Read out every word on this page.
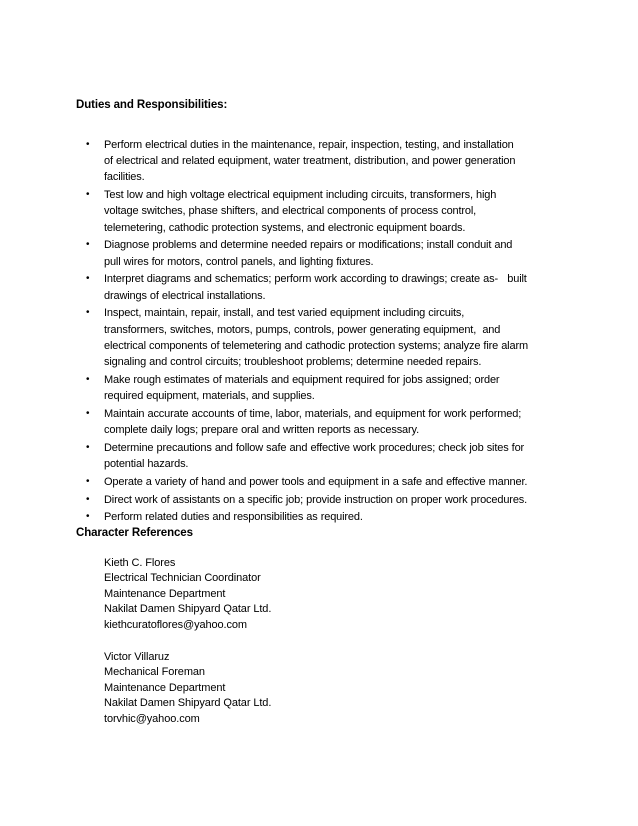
Duties and Responsibilities:
• Perform electrical duties in the maintenance, repair, inspection, testing, and installation
of electrical and related equipment, water treatment, distribution, and power generation
facilities.
• Test low and high voltage electrical equipment including circuits, transformers, high
voltage switches, phase shifters, and electrical components of process control,
telemetering, cathodic protection systems, and electronic equipment boards.
• Diagnose problems and determine needed repairs or modifications; install conduit and
pull wires for motors, control panels, and lighting fixtures.
• Interpret diagrams and schematics; perform work according to drawings; create as-   built
drawings of electrical installations.
• Inspect, maintain, repair, install, and test varied equipment including circuits,
transformers, switches, motors, pumps, controls, power generating equipment,  and
electrical components of telemetering and cathodic protection systems; analyze fire alarm
signaling and control circuits; troubleshoot problems; determine needed repairs.
• Make rough estimates of materials and equipment required for jobs assigned; order
required equipment, materials, and supplies.
• Maintain accurate accounts of time, labor, materials, and equipment for work performed;
complete daily logs; prepare oral and written reports as necessary.
• Determine precautions and follow safe and effective work procedures; check job sites for
potential hazards.
• Operate a variety of hand and power tools and equipment in a safe and effective manner.
• Direct work of assistants on a specific job; provide instruction on proper work procedures.
• Perform related duties and responsibilities as required.
Character References
Kieth C. Flores
Electrical Technician Coordinator
Maintenance Department
Nakilat Damen Shipyard Qatar Ltd.
kiethcuratoflores@yahoo.com
Victor Villaruz
Mechanical Foreman
Maintenance Department
Nakilat Damen Shipyard Qatar Ltd.
torvhic@yahoo.com
